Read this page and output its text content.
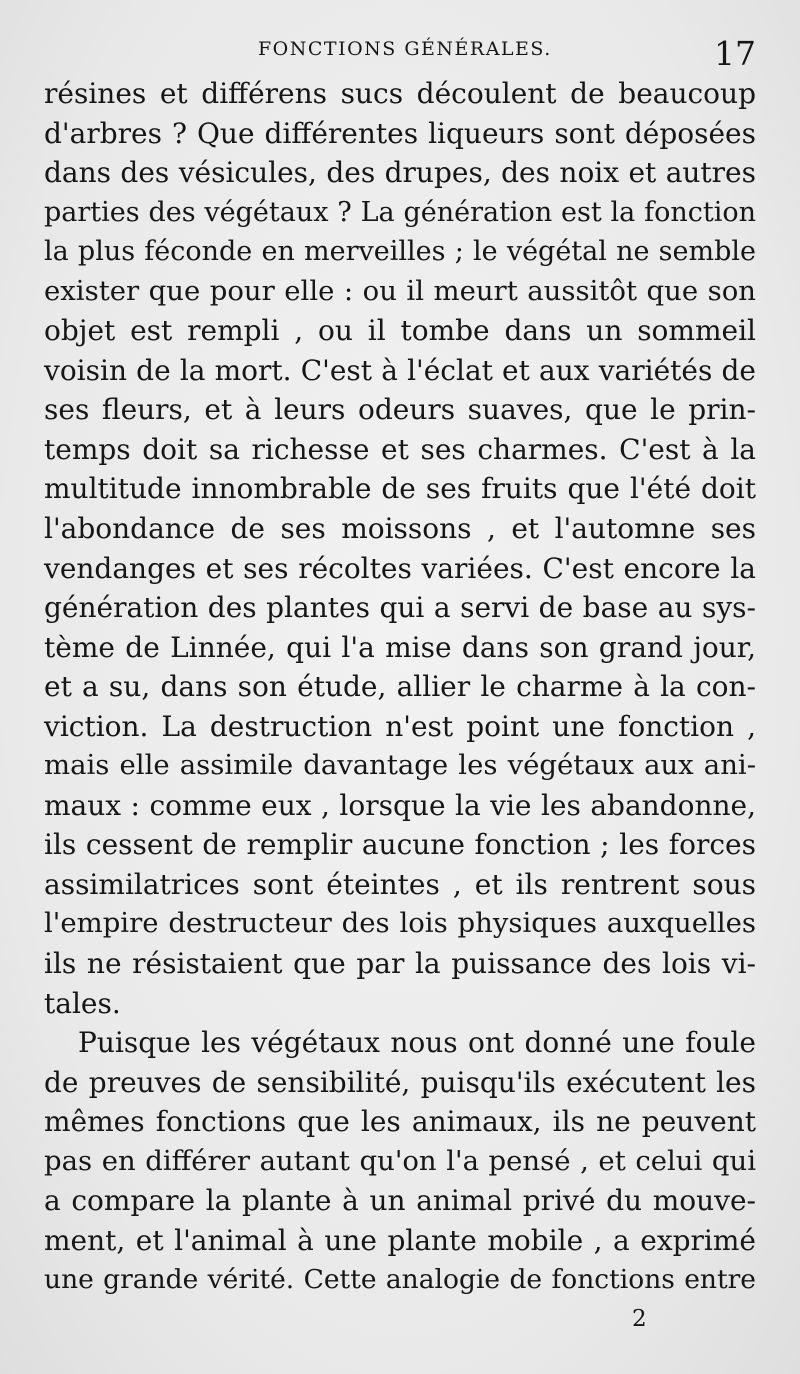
FONCTIONS GÉNÉRALES.	17
résines et différens sucs découlent de beaucoup
d'arbres ? Que différentes liqueurs sont déposées
dans des vésicules, des drupes, des noix et autres
parties des végétaux ? La génération est la fonction
la plus féconde en merveilles ; le végétal ne semble
exister que pour elle : ou il meurt aussitôt que son
objet est rempli , ou il tombe dans un sommeil
voisin de la mort. C'est à l'éclat et aux variétés de
ses fleurs, et à leurs odeurs suaves, que le prin-
temps doit sa richesse et ses charmes. C'est à la
multitude innombrable de ses fruits que l'été doit
l'abondance de ses moissons , et l'automne ses
vendanges et ses récoltes variées. C'est encore la
génération des plantes qui a servi de base au sys-
tème de Linnée, qui l'a mise dans son grand jour,
et a su, dans son étude, allier le charme à la con-
viction. La destruction n'est point une fonction ,
mais elle assimile davantage les végétaux aux ani-
maux : comme eux , lorsque la vie les abandonne,
ils cessent de remplir aucune fonction ; les forces
assimilatrices sont éteintes , et ils rentrent sous
l'empire destructeur des lois physiques auxquelles
ils ne résistaient que par la puissance des lois vi-
tales.
Puisque les végétaux nous ont donné une foule
de preuves de sensibilité, puisqu'ils exécutent les
mêmes fonctions que les animaux, ils ne peuvent
pas en différer autant qu'on l'a pensé , et celui qui
a compare la plante à un animal privé du mouve-
ment, et l'animal à une plante mobile , a exprimé
une grande vérité. Cette analogie de fonctions entre
2
